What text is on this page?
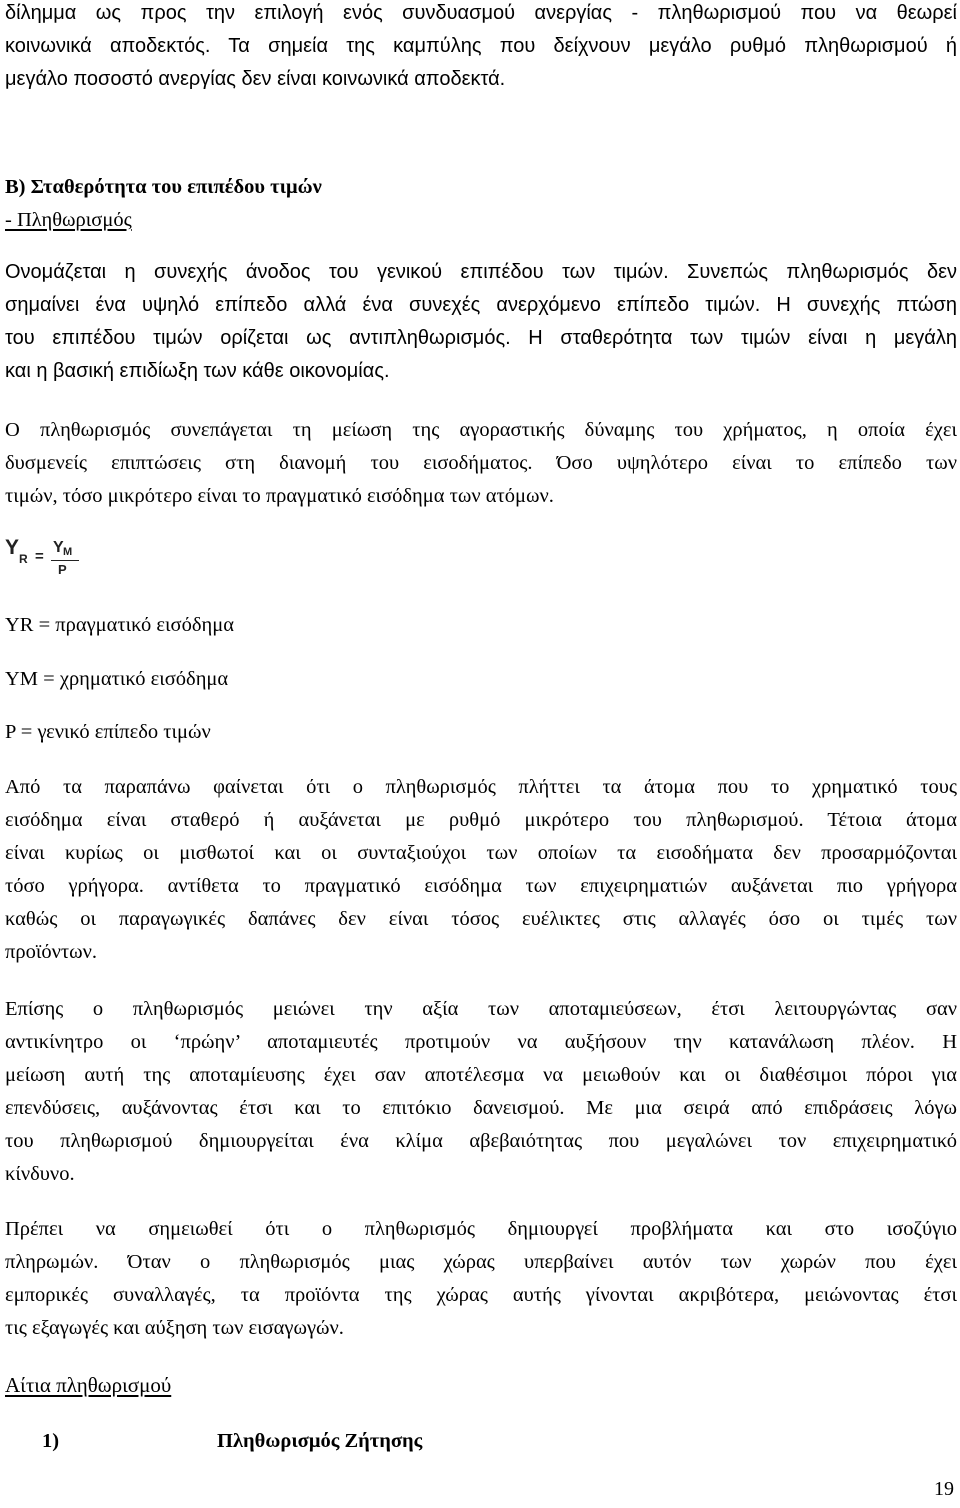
δίλημμα ως προς την επιλογή ενός συνδυασμού ανεργίας - πληθωρισμού που να θεωρεί
κοινωνικά αποδεκτός. Τα σημεία της καμπύλης που δείχνουν μεγάλο ρυθμό πληθωρισμού ή
μεγάλο ποσοστό ανεργίας δεν είναι κοινωνικά αποδεκτά.
Β) Σταθερότητα του επιπέδου τιμών
- Πληθωρισμός
Ονομάζεται η συνεχής άνοδος του γενικού επιπέδου των τιμών. Συνεπώς πληθωρισμός δεν
σημαίνει ένα υψηλό επίπεδο αλλά ένα συνεχές ανερχόμενο επίπεδο τιμών. Η συνεχής πτώση
του επιπέδου τιμών ορίζεται ως αντιπληθωρισμός. Η σταθερότητα των τιμών είναι η μεγάλη
και η βασική επιδίωξη των κάθε οικονομίας.
Ο πληθωρισμός συνεπάγεται τη μείωση της αγοραστικής δύναμης του χρήματος, η οποία έχει
δυσμενείς επιπτώσεις στη διανομή του εισοδήματος. Όσο υψηλότερο είναι το επίπεδο των
τιμών, τόσο μικρότερο είναι το πραγματικό εισόδημα των ατόμων.
Y R =
Y M
P
YR = πραγματικό εισόδημα
YM = χρηματικό εισόδημα
P = γενικό επίπεδο τιμών
Από τα παραπάνω φαίνεται ότι ο πληθωρισμός πλήττει τα άτομα που το χρηματικό τους
εισόδημα είναι σταθερό ή αυξάνεται με ρυθμό μικρότερο του πληθωρισμού. Τέτοια άτομα
είναι κυρίως οι μισθωτοί και οι συνταξιούχοι των οποίων τα εισοδήματα δεν προσαρμόζονται
τόσο γρήγορα. αντίθετα το πραγματικό εισόδημα των επιχειρηματιών αυξάνεται πιο γρήγορα
καθώς οι παραγωγικές δαπάνες δεν είναι τόσος ευέλικτες στις αλλαγές όσο οι τιμές των
προϊόντων.
Επίσης ο πληθωρισμός μειώνει την αξία των αποταμιεύσεων, έτσι λειτουργώντας σαν
αντικίνητρο οι ‘πρώην’ αποταμιευτές προτιμούν να αυξήσουν την κατανάλωση πλέον. Η
μείωση αυτή της αποταμίευσης έχει σαν αποτέλεσμα να μειωθούν και οι διαθέσιμοι πόροι για
επενδύσεις, αυξάνοντας έτσι και το επιτόκιο δανεισμού. Με μια σειρά από επιδράσεις λόγω
του πληθωρισμού δημιουργείται ένα κλίμα αβεβαιότητας που μεγαλώνει τον επιχειρηματικό
κίνδυνο.
Πρέπει να σημειωθεί ότι ο πληθωρισμός δημιουργεί προβλήματα και στο ισοζύγιο
πληρωμών. Όταν ο πληθωρισμός μιας χώρας υπερβαίνει αυτόν των χωρών που έχει
εμπορικές συναλλαγές, τα προϊόντα της χώρας αυτής γίνονται ακριβότερα, μειώνοντας έτσι
τις εξαγωγές και αύξηση των εισαγωγών.
Αίτια πληθωρισμού
1)	Πληθωρισμός Ζήτησης
19
